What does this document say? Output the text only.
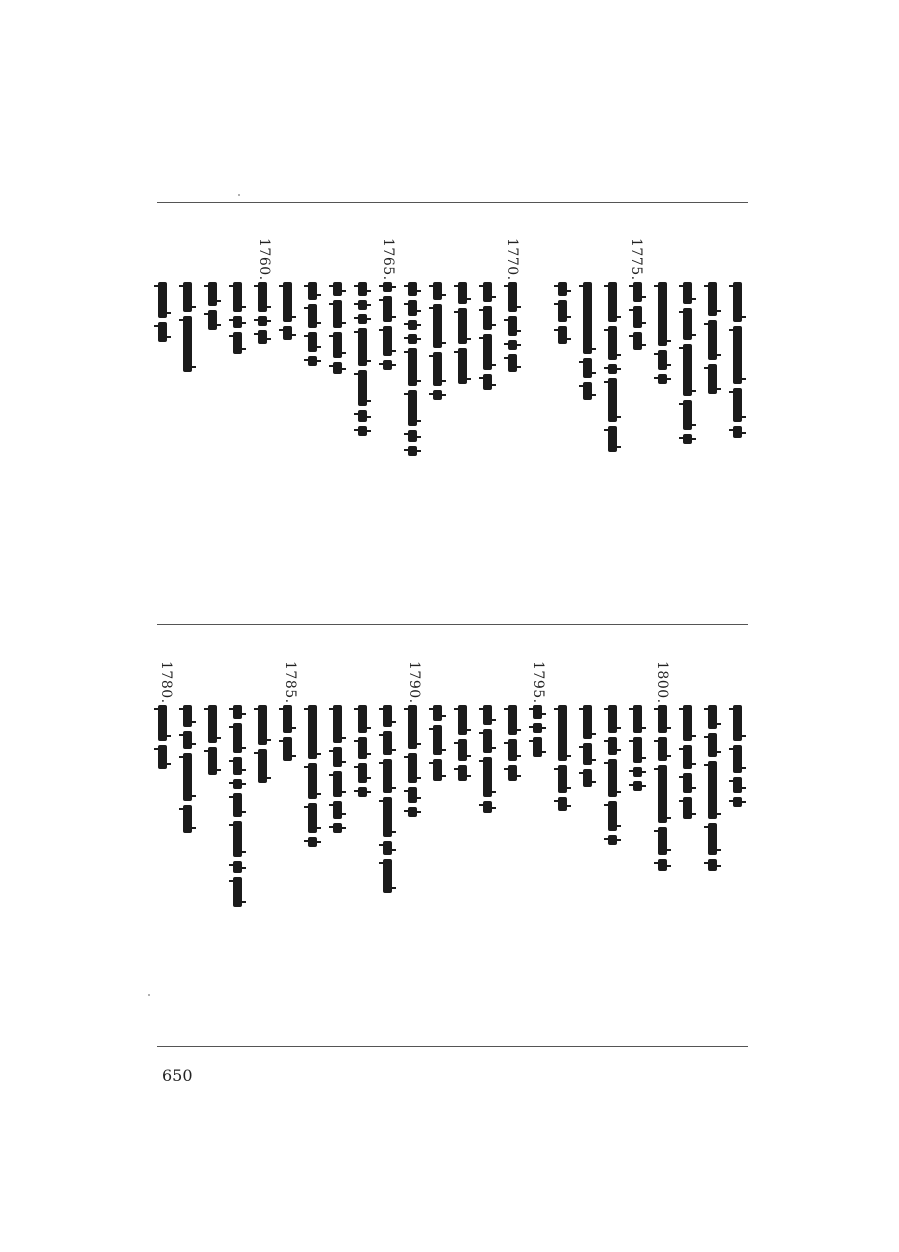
1775.
1770.
1765.
1760.
1800.
1795.
1790.
1785.
1780.
650
